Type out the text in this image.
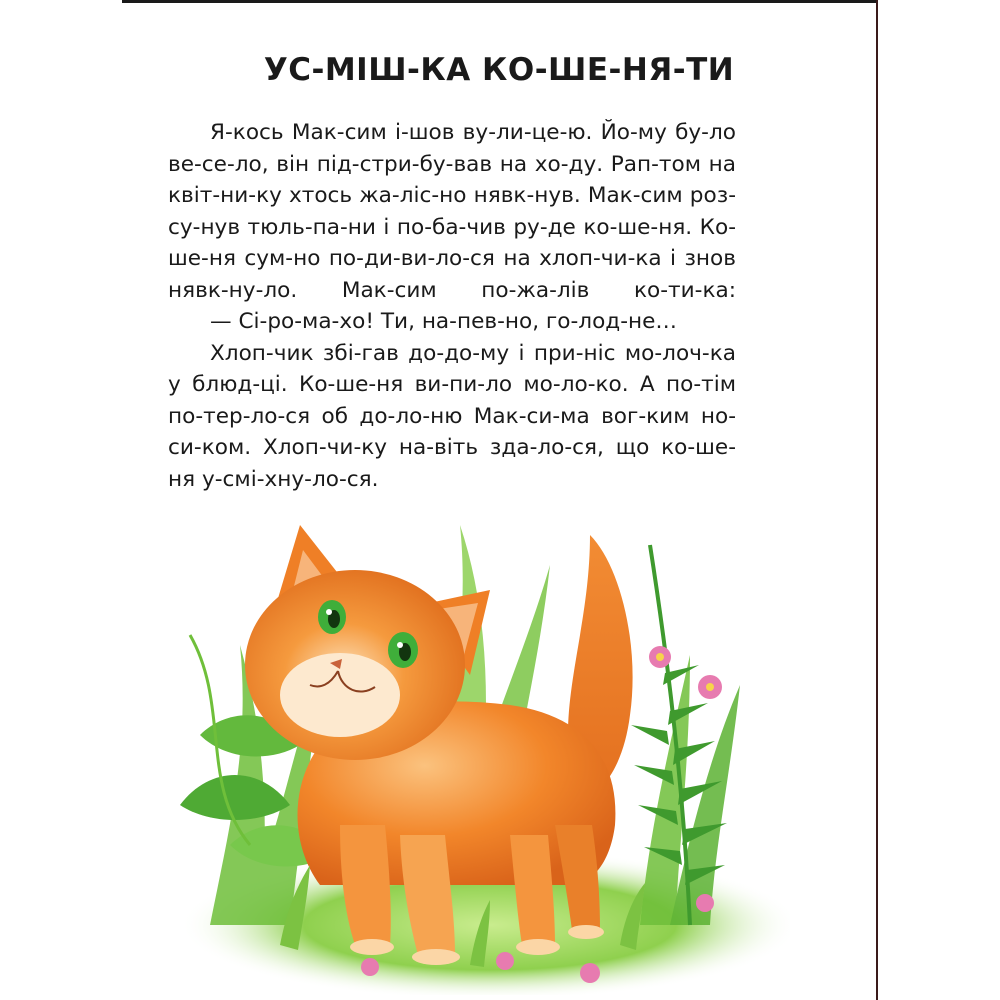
УС-МІШ-КА КО-ШЕ-НЯ-ТИ

Я-кось Мак-сим і-шов ву-ли-це-ю. Йо-му бу-ло ве-се-ло, він під-стри-бу-вав на хо-ду. Рап-том на квіт-ни-ку хтось жа-ліс-но нявк-нув. Мак-сим роз-су-нув тюль-па-ни і по-ба-чив ру-де ко-ше-ня. Ко-ше-ня сум-но по-ди-ви-ло-ся на хлоп-чи-ка і знов нявк-ну-ло. Мак-сим по-жа-лів ко-ти-ка:

— Сі-ро-ма-хо! Ти, на-пев-но, го-лод-не…

Хлоп-чик збі-гав до-до-му і при-ніс мо-лоч-ка у блюд-ці. Ко-ше-ня ви-пи-ло мо-ло-ко. А по-тім по-тер-ло-ся об до-ло-ню Мак-си-ма вог-ким но-си-ком. Хлоп-чи-ку на-віть зда-ло-ся, що ко-ше-ня у-смі-хну-ло-ся.
